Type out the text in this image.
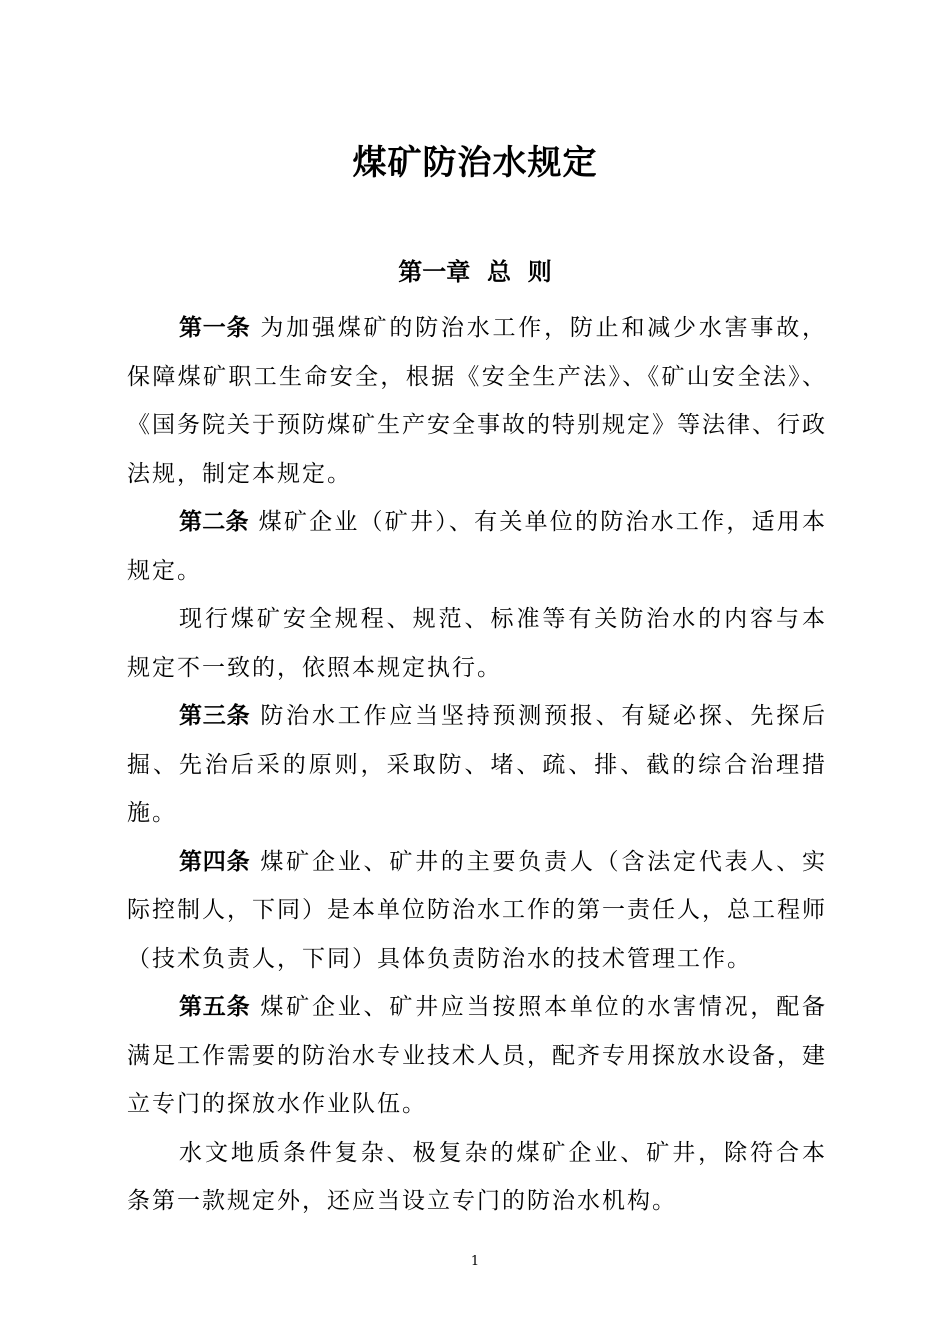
煤矿防治水规定
第一章  总  则

第一条 为加强煤矿的防治水工作，防止和减少水害事故，保障煤矿职工生命安全，根据《安全生产法》、《矿山安全法》、《国务院关于预防煤矿生产安全事故的特别规定》等法律、行政法规，制定本规定。

第二条 煤矿企业（矿井）、有关单位的防治水工作，适用本规定。

现行煤矿安全规程、规范、标准等有关防治水的内容与本规定不一致的，依照本规定执行。

第三条 防治水工作应当坚持预测预报、有疑必探、先探后掘、先治后采的原则，采取防、堵、疏、排、截的综合治理措施。

第四条 煤矿企业、矿井的主要负责人（含法定代表人、实际控制人，下同）是本单位防治水工作的第一责任人，总工程师（技术负责人，下同）具体负责防治水的技术管理工作。

第五条 煤矿企业、矿井应当按照本单位的水害情况，配备满足工作需要的防治水专业技术人员，配齐专用探放水设备，建立专门的探放水作业队伍。

水文地质条件复杂、极复杂的煤矿企业、矿井，除符合本条第一款规定外，还应当设立专门的防治水机构。

1
